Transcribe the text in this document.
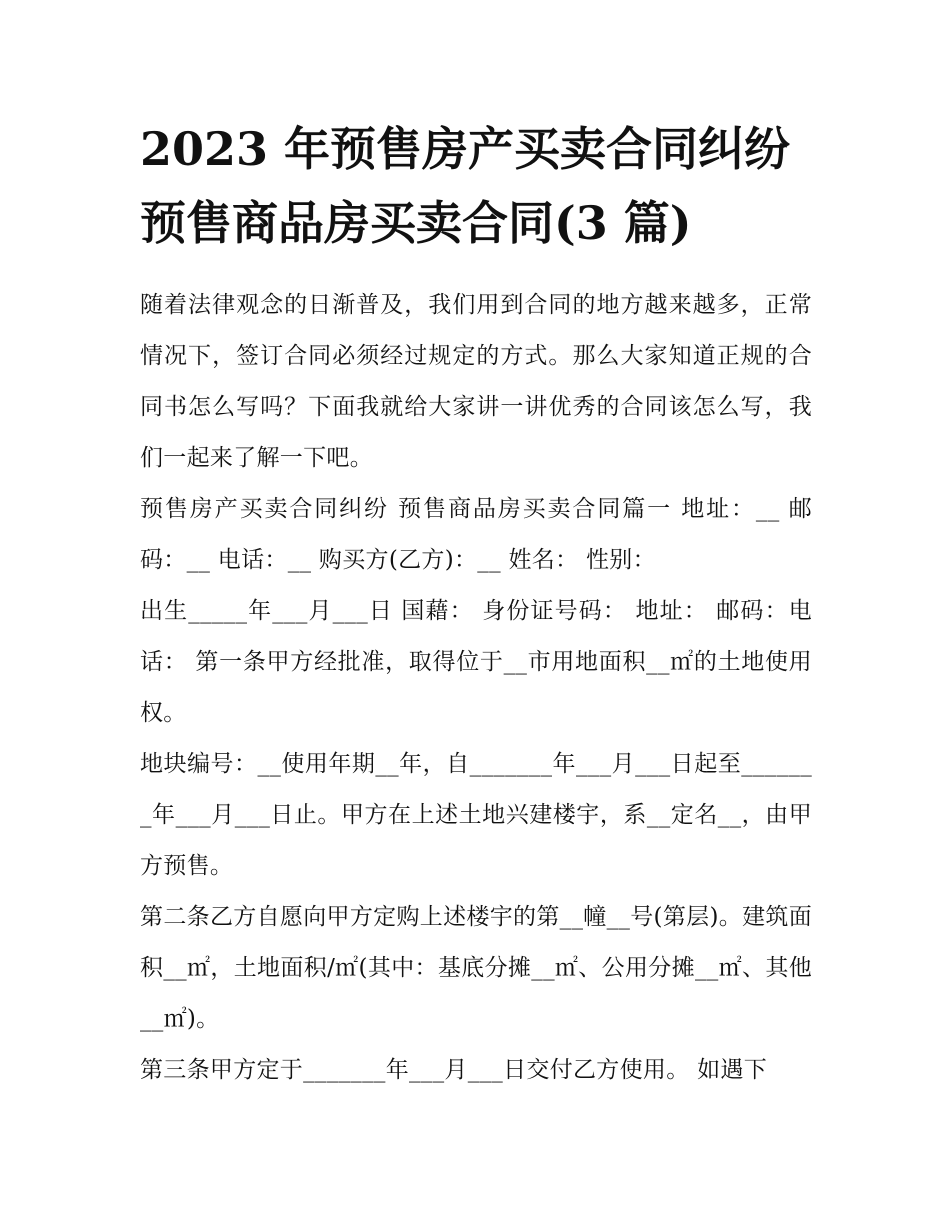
2023 年预售房产买卖合同纠纷
预售商品房买卖合同(3 篇)

随着法律观念的日渐普及，我们用到合同的地方越来越多，正常情况下，签订合同必须经过规定的方式。那么大家知道正规的合同书怎么写吗？下面我就给大家讲一讲优秀的合同该怎么写，我们一起来了解一下吧。

预售房产买卖合同纠纷 预售商品房买卖合同篇一 地址：__ 邮码：__ 电话：__ 购买方(乙方)：__ 姓名： 性别：

出生_____年___月___日 国藉： 身份证号码： 地址： 邮码：电话： 第一条甲方经批准，取得位于__市用地面积__㎡的土地使用权。

地块编号：__使用年期__年，自_______年___月___日起至_______年___月___日止。甲方在上述土地兴建楼宇，系__定名__，由甲方预售。

第二条乙方自愿向甲方定购上述楼宇的第__幢__号(第层)。建筑面积__㎡，土地面积/㎡(其中：基底分摊__㎡、公用分摊__㎡、其他__㎡)。

第三条甲方定于_______年___月___日交付乙方使用。 如遇下
